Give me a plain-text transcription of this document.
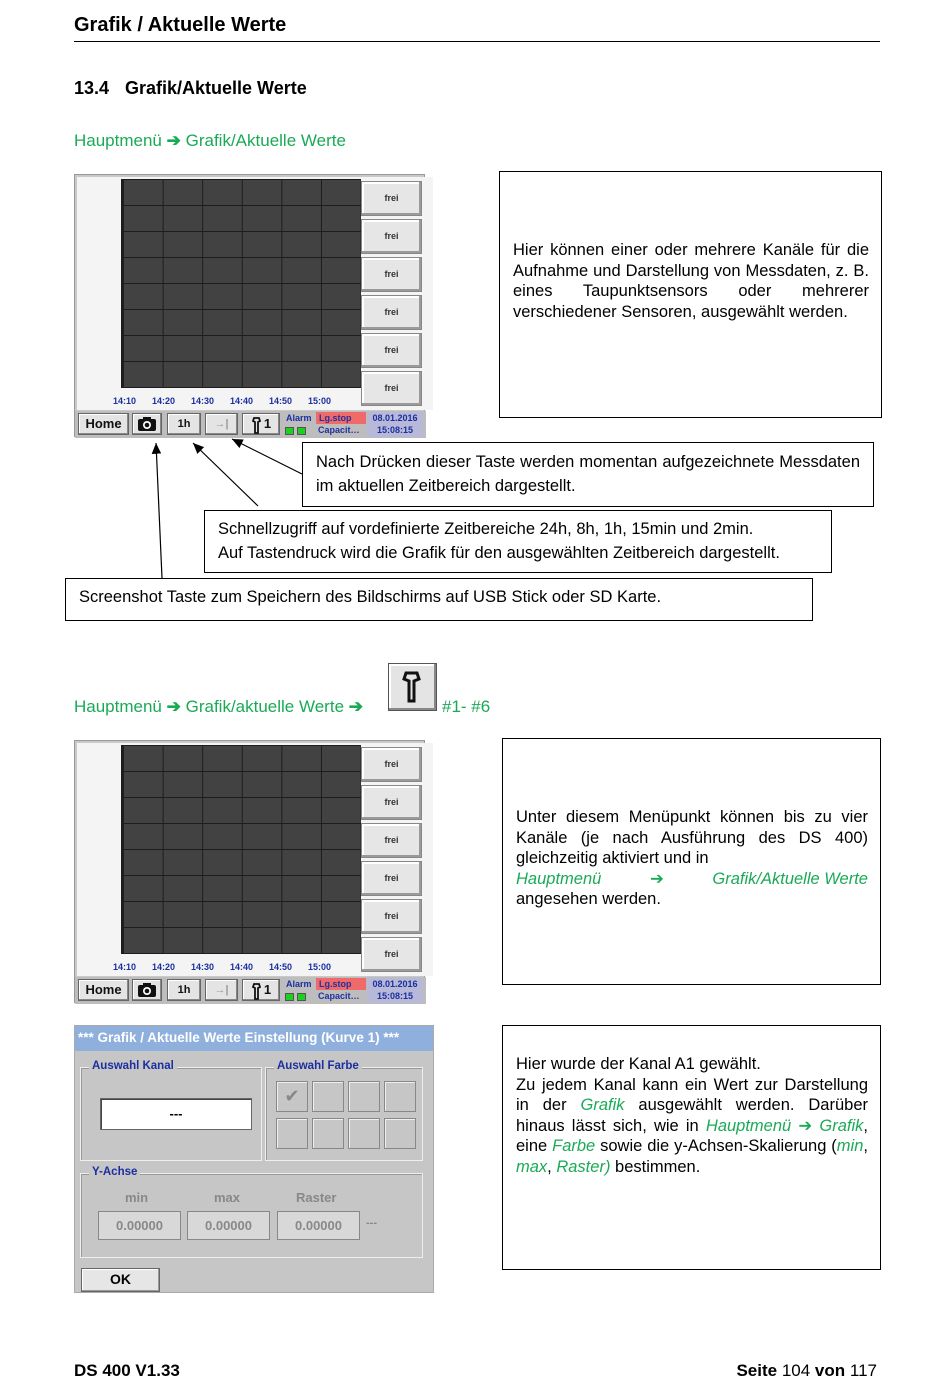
Grafik / Aktuelle Werte
13.4 Grafik/Aktuelle Werte
Hauptmenü ➔ Grafik/Aktuelle Werte
14:10 14:20 14:30 14:40 14:50 15:00
frei
frei
frei
frei
frei
frei
Home	1h	→|	1	Alarm Lg.stop
Capacit…
08.01.2016
15:08:15
Hier können einer oder mehrere Kanäle für die Aufnahme und Darstellung von Messdaten, z. B. eines Taupunktsensors oder mehrerer verschiedener Sensoren, ausgewählt werden.
Nach Drücken dieser Taste werden momentan aufgezeichnete Messdaten im aktuellen Zeitbereich dargestellt.
Schnellzugriff auf vordefinierte Zeitbereiche 24h, 8h, 1h, 15min und 2min.
Auf Tastendruck wird die Grafik für den ausgewählten Zeitbereich dargestellt.
Screenshot Taste zum Speichern des Bildschirms auf USB Stick oder SD Karte.
Hauptmenü ➔ Grafik/aktuelle Werte ➔	#1- #6
14:10 14:20 14:30 14:40 14:50 15:00
frei
frei
frei
frei
frei
frei
Home	1h	→|	1	Alarm Lg.stop
Capacit…
08.01.2016
15:08:15
Unter diesem Menüpunkt können bis zu vier Kanäle (je nach Ausführung des DS 400) gleichzeitig aktiviert und in
Hauptmenü	➔	Grafik/Aktuelle Werte
angesehen werden.
*** Grafik / Aktuelle Werte Einstellung (Kurve 1) ***
Auswahl Kanal
---
Auswahl Farbe
✔
Y-Achse
min	max	Raster
0.00000	0.00000	0.00000	---
OK
Hier wurde der Kanal A1 gewählt.
Zu jedem Kanal kann ein Wert zur Darstellung in der Grafik ausgewählt werden. Darüber hinaus lässt sich, wie in Hauptmenü ➔ Grafik, eine Farbe sowie die y-Achsen-Skalierung (min, max, Raster) bestimmen.
DS 400 V1.33	Seite 104 von 117
